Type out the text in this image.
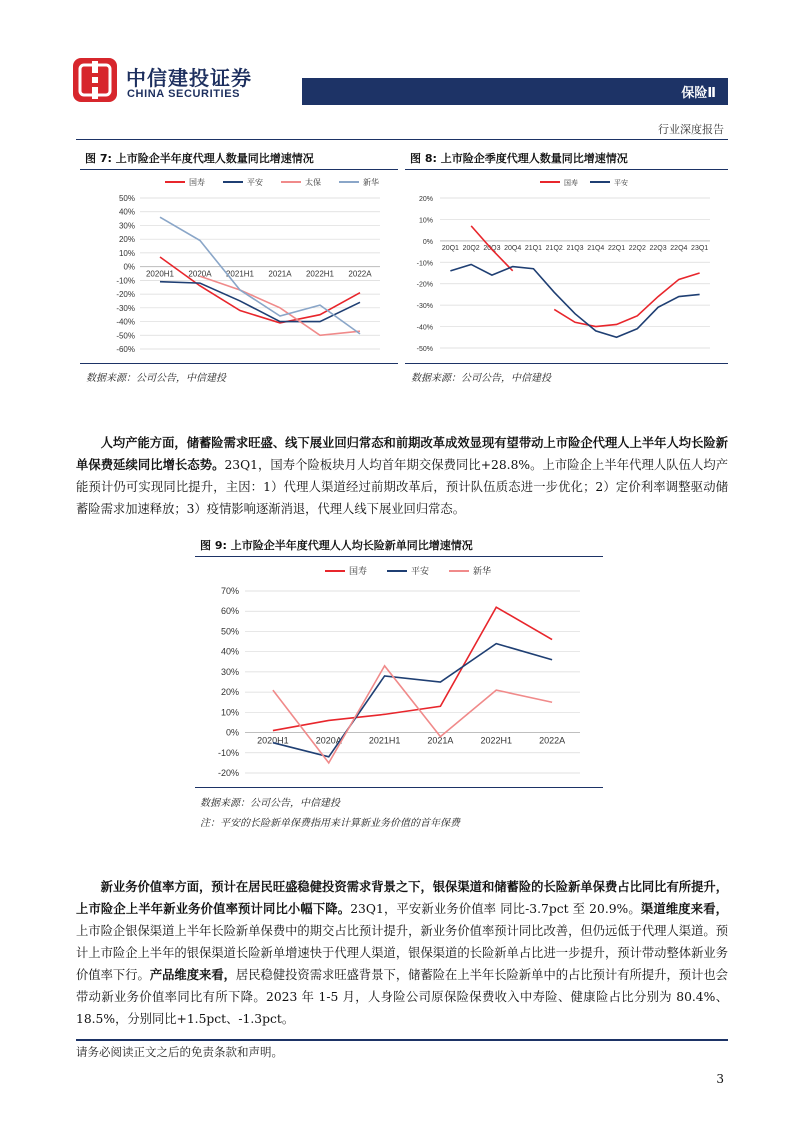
中信建投证券
CHINA SECURITIES	保险Ⅱ
行业深度报告
图 7: 上市险企半年度代理人数量同比增速情况
50%
40%
30%
20%
10%
0%
-10%
-20%
-30%
-40%
-50%
-60%
2020H1 2020A 2021H1 2021A 2022H1 2022A
国寿	平安	太保	新华
数据来源：公司公告，中信建投
图 8: 上市险企季度代理人数量同比增速情况
20%
10%
0%
-10%
-20%
-30%
-40%
-50%
20Q1 20Q2 20Q3 20Q4 21Q1 21Q2 21Q3 21Q4 22Q1 22Q2 22Q3 22Q4 23Q1
国寿	平安
数据来源：公司公告，中信建投

人均产能方面，储蓄险需求旺盛、线下展业回归常态和前期改革成效显现有望带动上市险企代理人上半年人均长险新单保费延续同比增长态势。23Q1，国寿个险板块月人均首年期交保费同比+28.8%。上市险企上半年代理人队伍人均产能预计仍可实现同比提升，主因：1）代理人渠道经过前期改革后，预计队伍质态进一步优化；2）定价利率调整驱动储蓄险需求加速释放；3）疫情影响逐渐消退，代理人线下展业回归常态。

图 9: 上市险企半年度代理人人均长险新单同比增速情况
70%
60%
50%
40%
30%
20%
10%
0%
-10%
-20%
2020H1	2020A	2021H1	2021A	2022H1	2022A
国寿	平安	新华
数据来源：公司公告，中信建投
注：平安的长险新单保费指用来计算新业务价值的首年保费

新业务价值率方面，预计在居民旺盛稳健投资需求背景之下，银保渠道和储蓄险的长险新单保费占比同比有所提升，上市险企上半年新业务价值率预计同比小幅下降。23Q1，平安新业务价值率 同比-3.7pct 至 20.9%。渠道维度来看，上市险企银保渠道上半年长险新单保费中的期交占比预计提升，新业务价值率预计同比改善，但仍远低于代理人渠道。预计上市险企上半年的银保渠道长险新单增速快于代理人渠道，银保渠道的长险新单占比进一步提升，预计带动整体新业务价值率下行。产品维度来看，居民稳健投资需求旺盛背景下，储蓄险在上半年长险新单中的占比预计有所提升，预计也会带动新业务价值率同比有所下降。2023 年 1-5 月，人身险公司原保险保费收入中寿险、健康险占比分别为 80.4%、18.5%，分别同比+1.5pct、-1.3pct。

请务必阅读正文之后的免责条款和声明。
3
